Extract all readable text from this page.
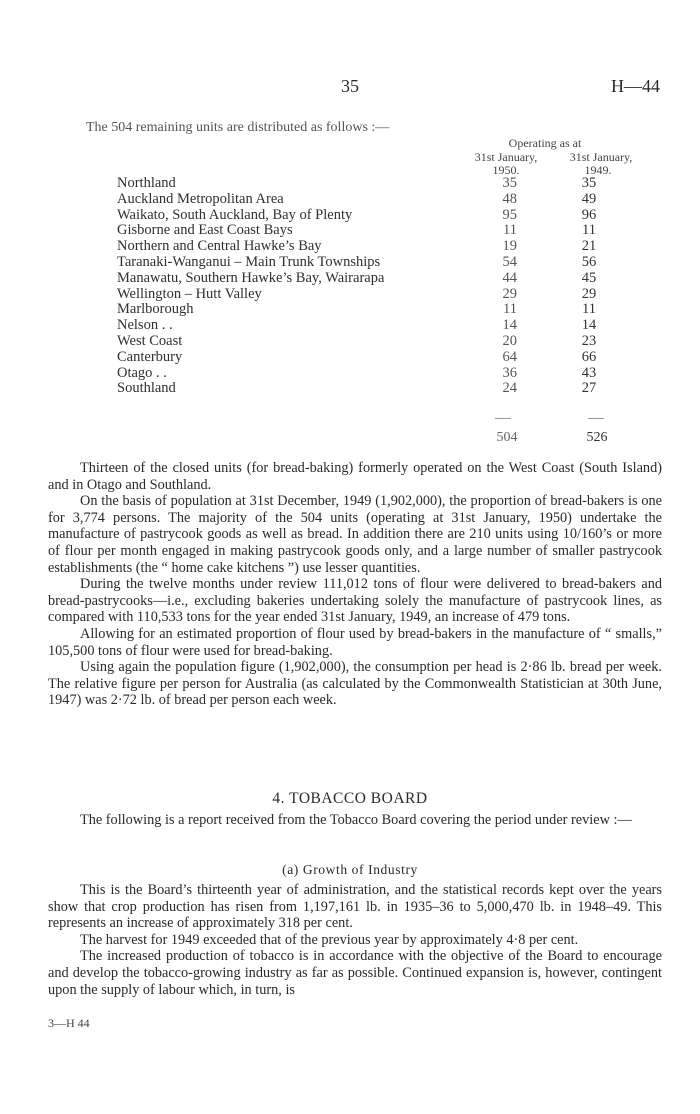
35	H—44
The 504 remaining units are distributed as follows :—
Operating as at
31st January,	31st January,
1950.	1949.
Northland	35	35
Auckland Metropolitan Area	48	49
Waikato, South Auckland, Bay of Plenty	95	96
Gisborne and East Coast Bays	11	11
Northern and Central Hawke’s Bay	19	21
Taranaki-Wanganui – Main Trunk Townships	54	56
Manawatu, Southern Hawke’s Bay, Wairarapa	44	45
Wellington – Hutt Valley	29	29
Marlborough	11	11
Nelson . .	14	14
West Coast	20	23
Canterbury	64	66
Otago . .	36	43
Southland	24	27
504	526

Thirteen of the closed units (for bread-baking) formerly operated on the West Coast (South Island) and in Otago and Southland.

On the basis of population at 31st December, 1949 (1,902,000), the proportion of bread-bakers is one for 3,774 persons. The majority of the 504 units (operating at 31st January, 1950) undertake the manufacture of pastrycook goods as well as bread. In addition there are 210 units using 10/160’s or more of flour per month engaged in making pastrycook goods only, and a large number of smaller pastrycook establishments (the “ home cake kitchens ”) use lesser quantities.

During the twelve months under review 111,012 tons of flour were delivered to bread-bakers and bread-pastrycooks—i.e., excluding bakeries undertaking solely the manufacture of pastrycook lines, as compared with 110,533 tons for the year ended 31st January, 1949, an increase of 479 tons.

Allowing for an estimated proportion of flour used by bread-bakers in the manufacture of “ smalls,” 105,500 tons of flour were used for bread-baking.

Using again the population figure (1,902,000), the consumption per head is 2·86 lb. bread per week. The relative figure per person for Australia (as calculated by the Commonwealth Statistician at 30th June, 1947) was 2·72 lb. of bread per person each week.

4. TOBACCO BOARD

The following is a report received from the Tobacco Board covering the period under review :—

(a) Growth of Industry

This is the Board’s thirteenth year of administration, and the statistical records kept over the years show that crop production has risen from 1,197,161 lb. in 1935–36 to 5,000,470 lb. in 1948–49. This represents an increase of approximately 318 per cent.

The harvest for 1949 exceeded that of the previous year by approximately 4·8 per cent.

The increased production of tobacco is in accordance with the objective of the Board to encourage and develop the tobacco-growing industry as far as possible. Continued expansion is, however, contingent upon the supply of labour which, in turn, is

3—H 44
